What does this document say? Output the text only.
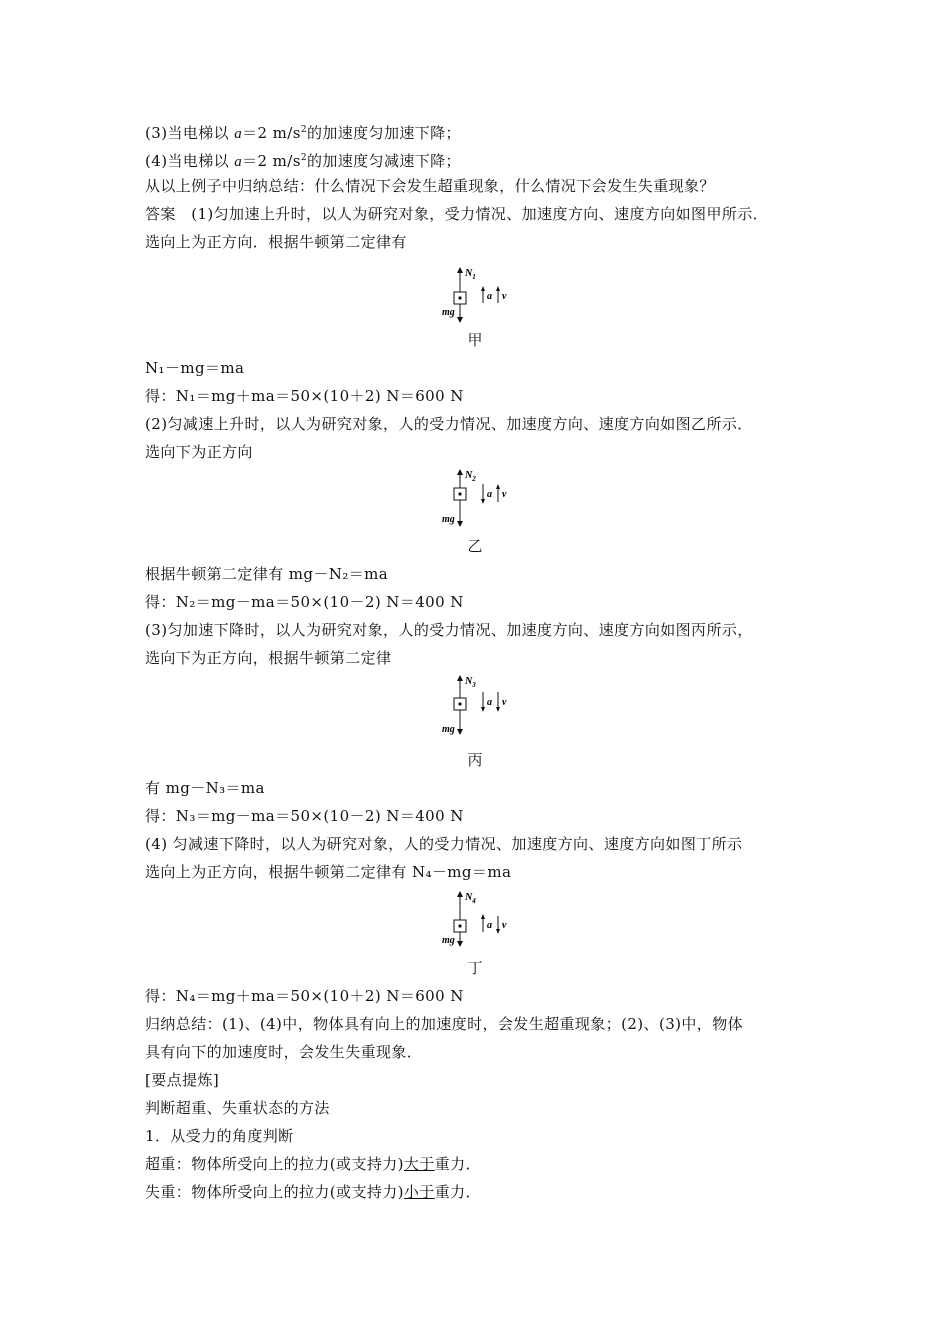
(3)当电梯以 a＝2 $m/s^2$的加速度匀加速下降；
(4)当电梯以 a＝2 $m/s^2$的加速度匀减速下降；
从以上例子中归纳总结：什么情况下会发生超重现象，什么情况下会发生失重现象？
答案　(1)匀加速上升时，以人为研究对象，受力情况、加速度方向、速度方向如图甲所示．
选向上为正方向．根据牛顿第二定律有
$N_1$
mg
a v
甲
N₁－mg＝ma
得：N₁＝mg＋ma＝50×(10＋2) N＝600 N
(2)匀减速上升时，以人为研究对象，人的受力情况、加速度方向、速度方向如图乙所示．
选向下为正方向
$N_2$
mg
a v
乙
根据牛顿第二定律有 mg－N₂＝ma
得：N₂＝mg－ma＝50×(10－2) N＝400 N
(3)匀加速下降时，以人为研究对象，人的受力情况、加速度方向、速度方向如图丙所示，
选向下为正方向，根据牛顿第二定律
$N_3$
mg
a v
丙
有 mg－N₃＝ma
得：N₃＝mg－ma＝50×(10－2) N＝400 N
(4) 匀减速下降时，以人为研究对象，人的受力情况、加速度方向、速度方向如图丁所示
选向上为正方向，根据牛顿第二定律有 N₄－mg＝ma
$N_4$
mg
a v
丁
得：N₄＝mg＋ma＝50×(10＋2) N＝600 N
归纳总结：(1)、(4)中，物体具有向上的加速度时，会发生超重现象；(2)、(3)中，物体
具有向下的加速度时，会发生失重现象．
[要点提炼]
判断超重、失重状态的方法
1．从受力的角度判断
超重：物体所受向上的拉力(或支持力)大于重力．
失重：物体所受向上的拉力(或支持力)小于重力．
